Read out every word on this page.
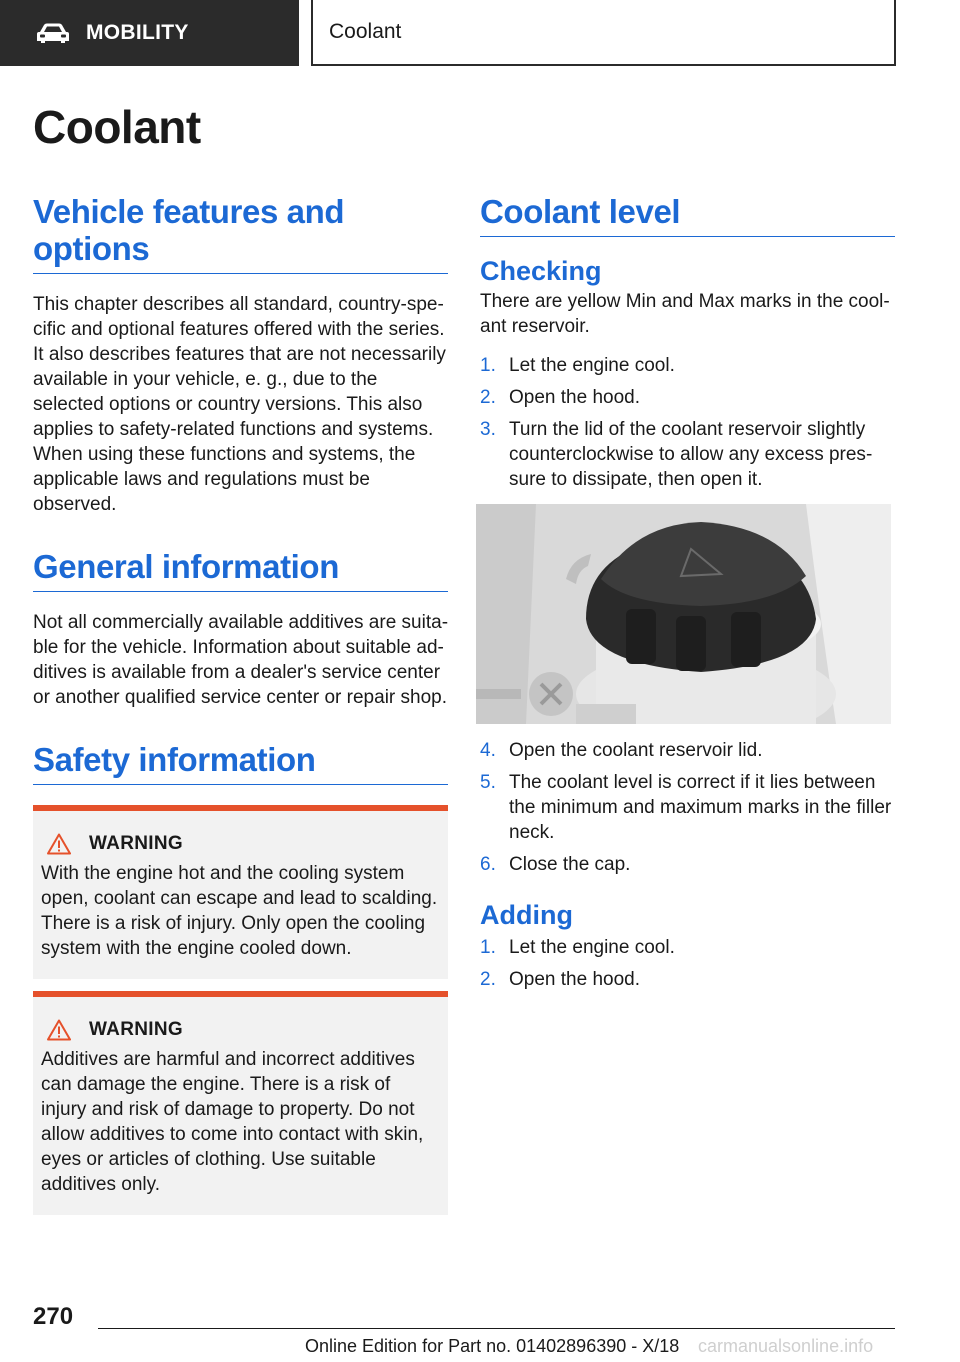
MOBILITY	Coolant
Coolant
Vehicle features and options

This chapter describes all standard, country-specific and optional features offered with the series. It also describes features that are not necessarily available in your vehicle, e. g., due to the selected options or country versions. This also applies to safety-related functions and systems. When using these functions and systems, the applicable laws and regulations must be observed.

General information

Not all commercially available additives are suitable for the vehicle. Information about suitable additives is available from a dealer's service center or another qualified service center or repair shop.

Safety information
WARNING

With the engine hot and the cooling system open, coolant can escape and lead to scalding. There is a risk of injury. Only open the cooling system with the engine cooled down.

WARNING

Additives are harmful and incorrect additives can damage the engine. There is a risk of injury and risk of damage to property. Do not allow additives to come into contact with skin, eyes or articles of clothing. Use suitable additives only.

Coolant level
Checking

There are yellow Min and Max marks in the coolant reservoir.

1. Let the engine cool.
2. Open the hood.
3. Turn the lid of the coolant reservoir slightly counterclockwise to allow any excess pressure to dissipate, then open it.
4. Open the coolant reservoir lid.
5. The coolant level is correct if it lies between the minimum and maximum marks in the filler neck.
6. Close the cap.
Adding
1. Let the engine cool.
2. Open the hood.
270
Online Edition for Part no. 01402896390 - X/18 carmanualsonline.info
